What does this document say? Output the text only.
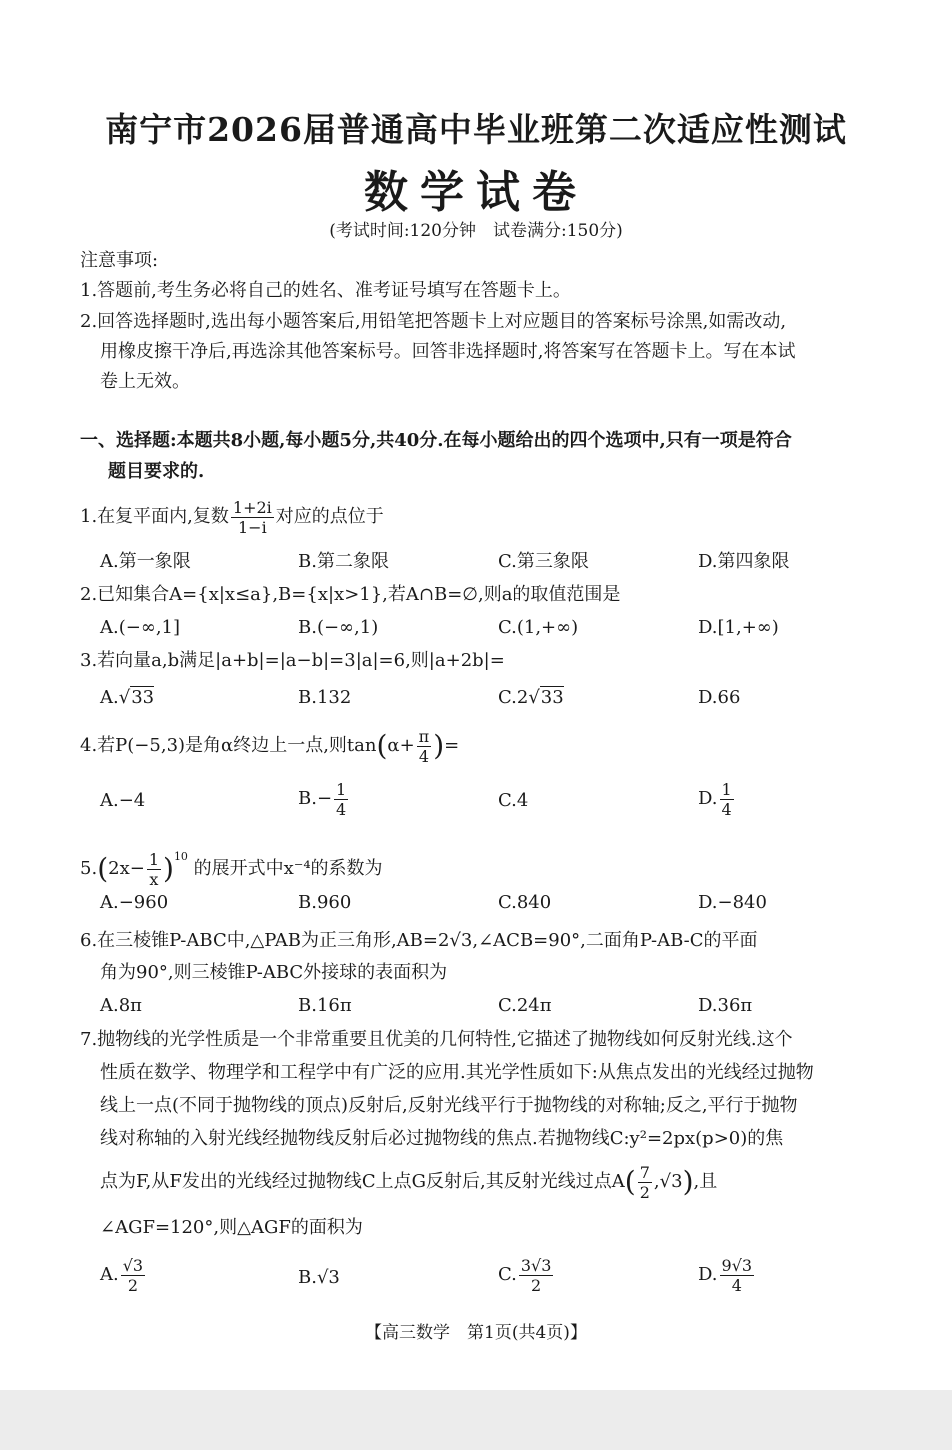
南宁市2026届普通高中毕业班第二次适应性测试
数学试卷
(考试时间:120分钟　试卷满分:150分)
注意事项:
1.答题前,考生务必将自己的姓名、准考证号填写在答题卡上。
2.回答选择题时,选出每小题答案后,用铅笔把答题卡上对应题目的答案标号涂黑,如需改动,
用橡皮擦干净后,再选涂其他答案标号。回答非选择题时,将答案写在答题卡上。写在本试
卷上无效。
一、选择题:本题共8小题,每小题5分,共40分.在每小题给出的四个选项中,只有一项是符合
题目要求的.
1.在复平面内,复数 $\frac{1+2i}{1-i}$ 对应的点位于
A.第一象限	B.第二象限	C.第三象限	D.第四象限
2.已知集合A={x|x≤a},B={x|x>1},若A∩B=∅,则a的取值范围是
A.(−∞,1]	B.(−∞,1)	C.(1,+∞)	D.[1,+∞)
3.若向量a,b满足|a+b|=|a−b|=3|a|=6,则|a+2b|=
A.√33	B.132	C.2√33	D.66
4.若P(−5,3)是角α终边上一点,则$\tan(\alpha+ \frac{\pi}{4}$ )=
A.−4	$B.- \frac{1}{4}$	C.4	D. $\frac{1}{4}$
$5.(2x- \frac{1}{x} )^{10}$ 的展开式中x⁻⁴的系数为
A.−960	B.960	C.840	D.−840
6.在三棱锥P-ABC中,△PAB为正三角形,AB=2√3,∠ACB=90°,二面角P-AB-C的平面
角为90°,则三棱锥P-ABC外接球的表面积为
A.8π	B.16π	C.24π	D.36π
7.抛物线的光学性质是一个非常重要且优美的几何特性,它描述了抛物线如何反射光线.这个
性质在数学、物理学和工程学中有广泛的应用.其光学性质如下:从焦点发出的光线经过抛物
线上一点(不同于抛物线的顶点)反射后,反射光线平行于抛物线的对称轴;反之,平行于抛物
线对称轴的入射光线经抛物线反射后必过抛物线的焦点.若抛物线C:y²=2px(p>0)的焦
点为F,从F发出的光线经过抛物线C上点G反射后,其反射光线过点$A( \frac{7}{2} ,√3)$,且
∠AGF=120°,则△AGF的面积为
A. $\frac{√3}{2}$	B.√3	C. $\frac{3√3}{2}$	D. $\frac{9√3}{4}$
【高三数学　第1页(共4页)】
